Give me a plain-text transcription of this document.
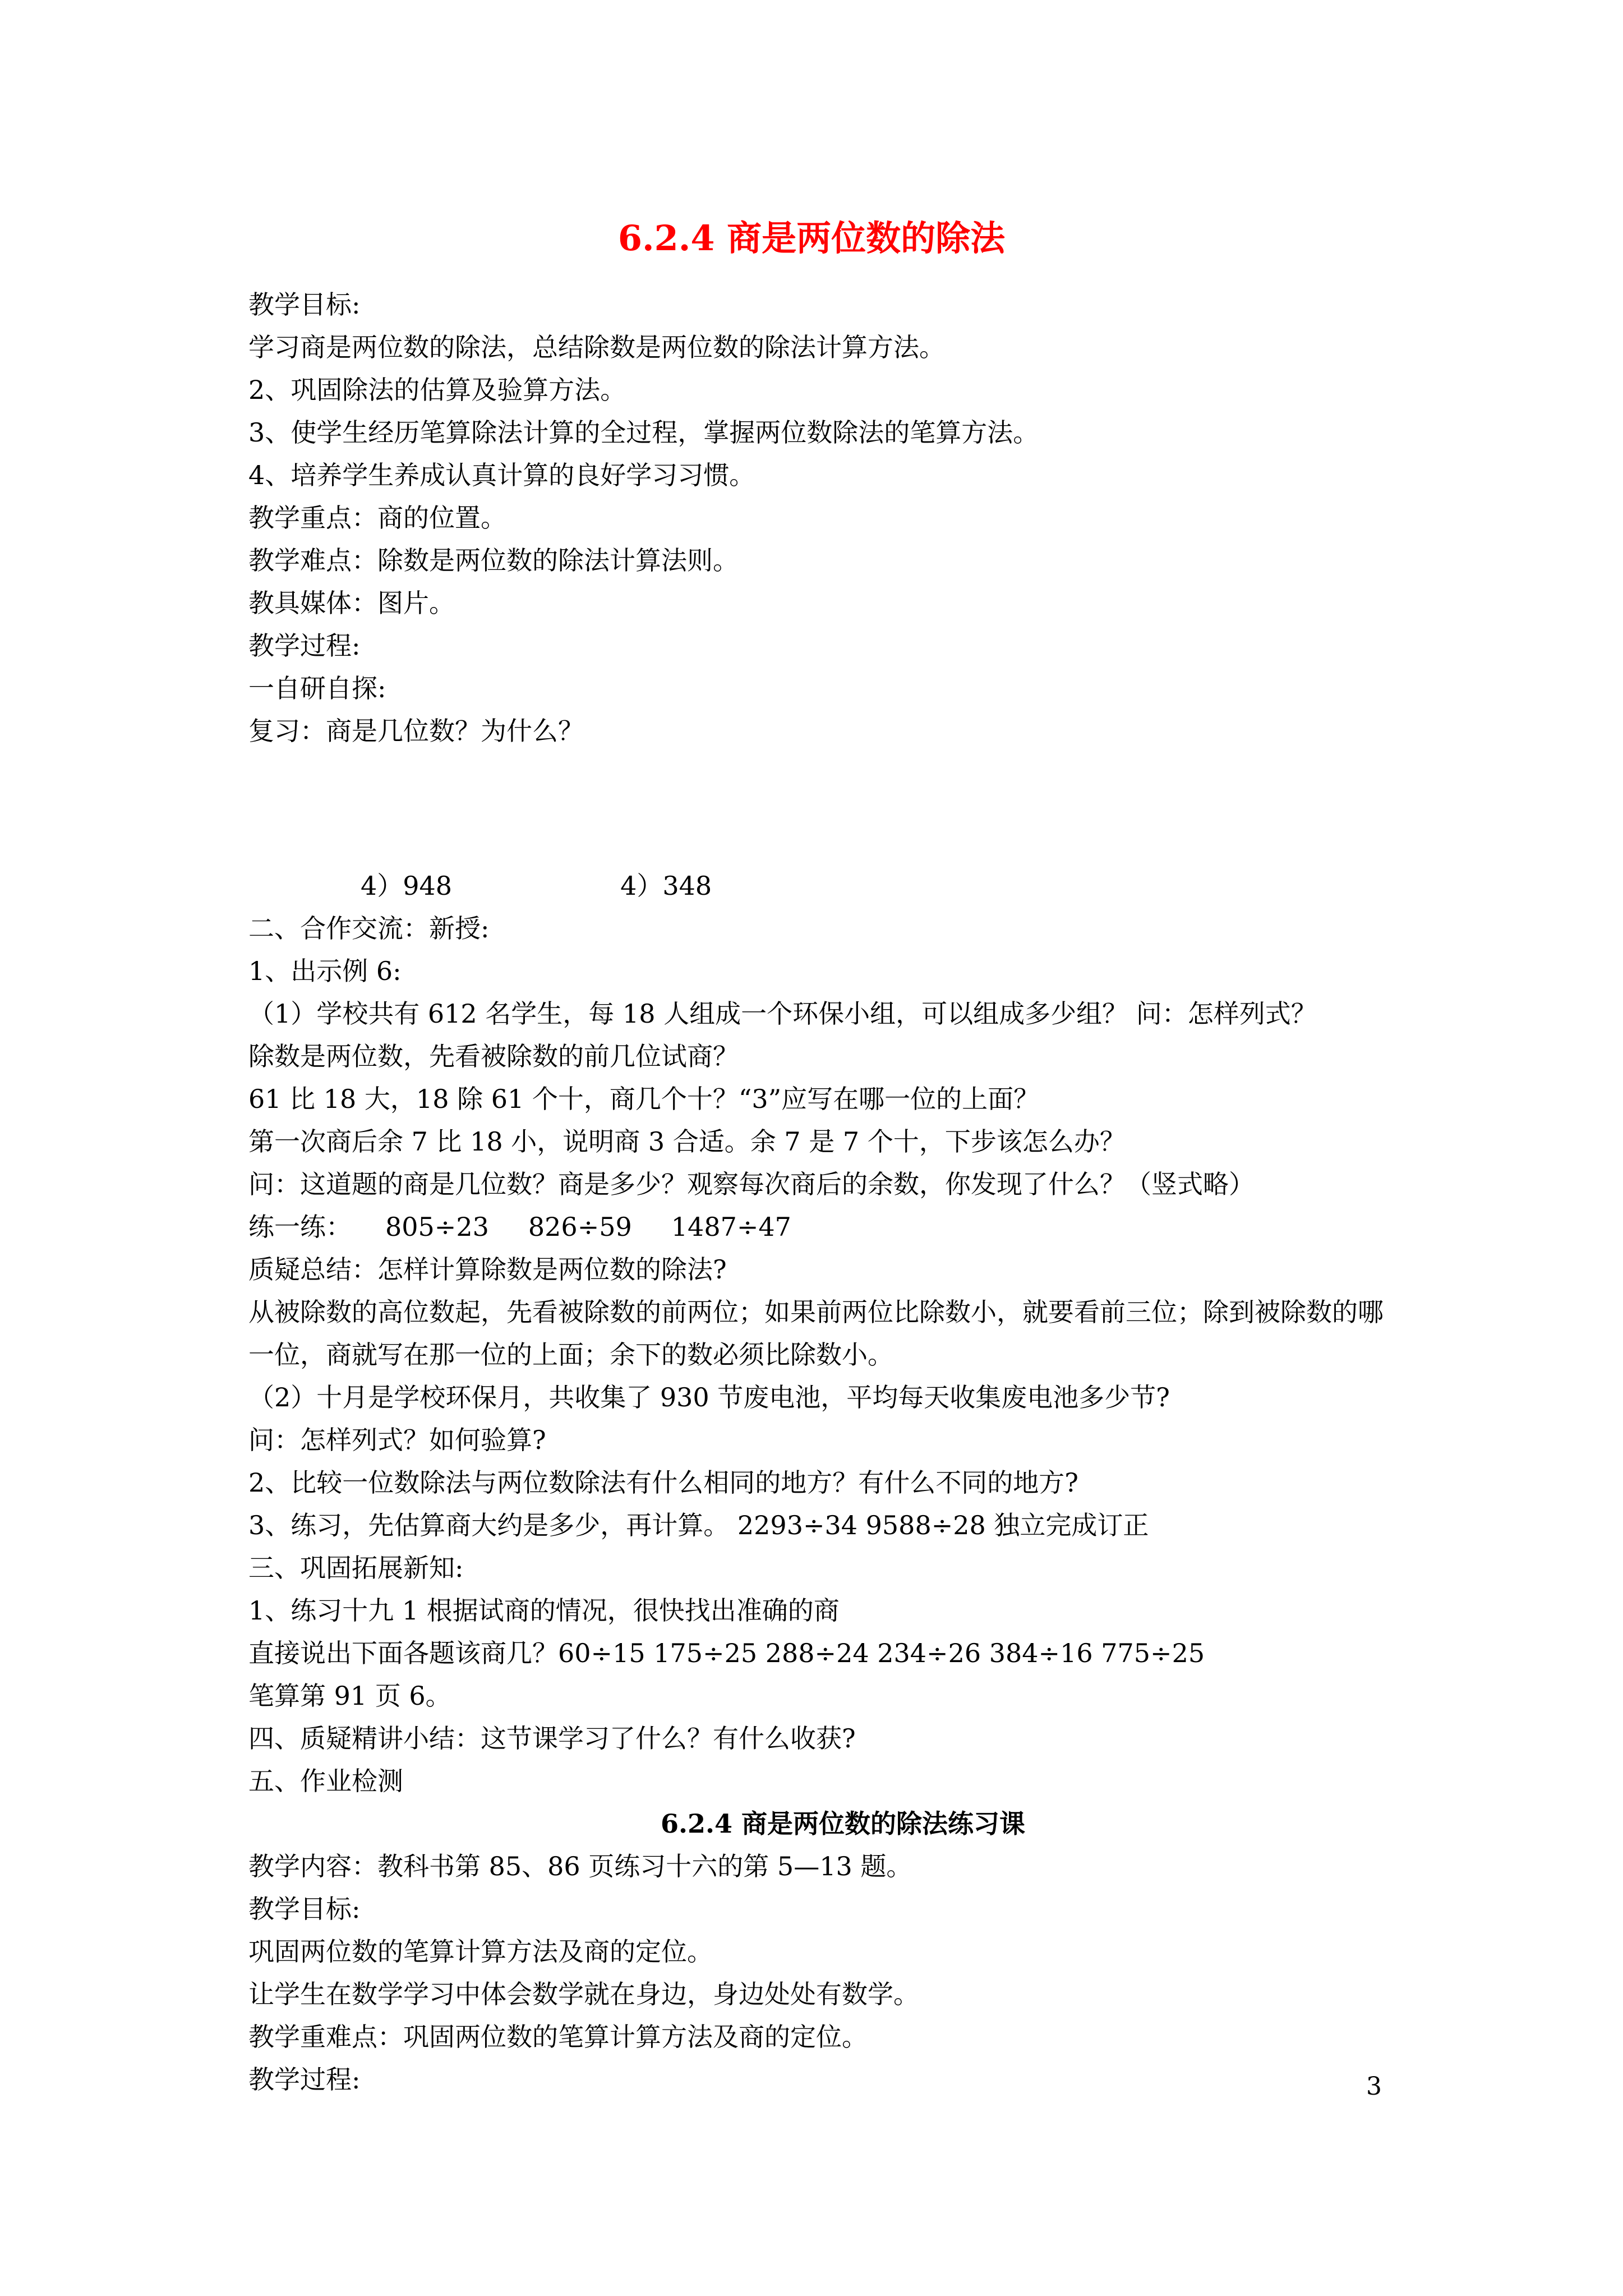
6.2.4 商是两位数的除法
教学目标:
学习商是两位数的除法，总结除数是两位数的除法计算方法。
2、巩固除法的估算及验算方法。
3、使学生经历笔算除法计算的全过程，掌握两位数除法的笔算方法。
4、培养学生养成认真计算的良好学习习惯。
教学重点：商的位置。
教学难点：除数是两位数的除法计算法则。
教具媒体：图片。
教学过程:
一自研自探:
复习：商是几位数？为什么？
4）948	4）348
二、合作交流：新授:
1、出示例 6:
（1）学校共有 612 名学生，每 18 人组成一个环保小组，可以组成多少组？ 问：怎样列式？
除数是两位数，先看被除数的前几位试商？
61 比 18 大，18 除 61 个十，商几个十？“3”应写在哪一位的上面？
第一次商后余 7 比 18 小，说明商 3 合适。余 7 是 7 个十，下步该怎么办？
问：这道题的商是几位数？商是多少？观察每次商后的余数，你发现了什么？（竖式略）
练一练： 805÷23 826÷59 1487÷47
质疑总结：怎样计算除数是两位数的除法?
从被除数的高位数起，先看被除数的前两位；如果前两位比除数小，就要看前三位；除到被除数的哪一位，商就写在那一位的上面；余下的数必须比除数小。
（2）十月是学校环保月，共收集了 930 节废电池，平均每天收集废电池多少节?
问：怎样列式？如何验算?
2、比较一位数除法与两位数除法有什么相同的地方？有什么不同的地方?
3、练习，先估算商大约是多少，再计算。 2293÷34 9588÷28 独立完成订正
三、巩固拓展新知:
1、练习十九 1 根据试商的情况，很快找出准确的商
直接说出下面各题该商几？60÷15 175÷25 288÷24 234÷26 384÷16 775÷25
笔算第 91 页 6。
四、质疑精讲小结：这节课学习了什么？有什么收获?
五、作业检测
6.2.4 商是两位数的除法练习课
教学内容：教科书第 85、86 页练习十六的第 5—13 题。
教学目标:
巩固两位数的笔算计算方法及商的定位。
让学生在数学学习中体会数学就在身边，身边处处有数学。
教学重难点：巩固两位数的笔算计算方法及商的定位。
教学过程:	3
